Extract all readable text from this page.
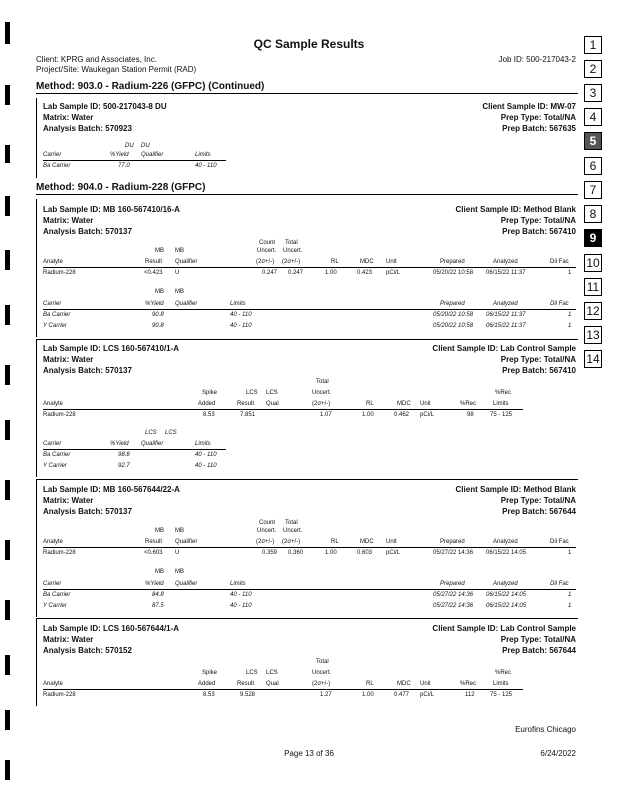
1
2
3
4
5
6
7
8
9
10
11
12
13
14
QC Sample Results
Client: KPRG and Associates, Inc.	Job ID: 500-217043-2
Project/Site: Waukegan Station Permit (RAD)
Method: 903.0 - Radium-226 (GFPC) (Continued)
Lab Sample ID: 500-217043-8 DU
Matrix: Water
Analysis Batch: 570923
Client Sample ID: MW-07
Prep Type: Total/NA
Prep Batch: 567635
DU DU
Carrier	%Yield Qualifier	Limits
Ba Carrier	77.0	40 - 110
Method: 904.0 - Radium-228 (GFPC)
Lab Sample ID: MB 160-567410/16-A
Matrix: Water
Analysis Batch: 570137
Client Sample ID: Method Blank
Prep Type: Total/NA
Prep Batch: 567410
Count Total
MB MB	Uncert. Uncert.
Analyte	Result Qualifier	(2σ+/-) (2σ+/-)	RL	MDC Unit	Prepared	Analyzed	Dil Fac
Radium-228	<0.423 U	0.247 0.247	1.00	0.423 pCi/L	05/20/22 10:58 06/15/22 11:37	1
MB MB
Carrier	%Yield Qualifier	Limits	Prepared	Analyzed	Dil Fac
Ba Carrier	90.8	40 - 110	05/20/22 10:58 06/15/22 11:37	1
Y Carrier	90.8	40 - 110	05/20/22 10:58 06/15/22 11:37	1
Lab Sample ID: LCS 160-567410/1-A
Matrix: Water
Analysis Batch: 570137
Client Sample ID: Lab Control Sample
Prep Type: Total/NA
Prep Batch: 567410
Total
Spike	LCS LCS	Uncert.	%Rec
Analyte	Added	Result Qual	(2σ+/-)	RL	MDC Unit	%Rec	Limits
Radium-228	8.53	7.851	1.07	1.00	0.462 pCi/L	98	75 - 125
LCS LCS
Carrier	%Yield Qualifier	Limits
Ba Carrier	98.8	40 - 110
Y Carrier	92.7	40 - 110
Lab Sample ID: MB 160-567644/22-A
Matrix: Water
Analysis Batch: 570137
Client Sample ID: Method Blank
Prep Type: Total/NA
Prep Batch: 567644
Count Total
MB MB	Uncert. Uncert.
Analyte	Result Qualifier	(2σ+/-) (2σ+/-)	RL	MDC Unit	Prepared	Analyzed	Dil Fac
Radium-228	<0.603 U	0.359 0.360	1.00	0.603 pCi/L	05/27/22 14:36 06/15/22 14:05	1
MB MB
Carrier	%Yield Qualifier	Limits	Prepared	Analyzed	Dil Fac
Ba Carrier	84.8	40 - 110	05/27/22 14:36 06/15/22 14:05	1
Y Carrier	87.5	40 - 110	05/27/22 14:36 06/15/22 14:05	1
Lab Sample ID: LCS 160-567644/1-A
Matrix: Water
Analysis Batch: 570152
Client Sample ID: Lab Control Sample
Prep Type: Total/NA
Prep Batch: 567644
Total
Spike	LCS LCS	Uncert.	%Rec
Analyte	Added	Result Qual	(2σ+/-)	RL	MDC Unit	%Rec	Limits
Radium-228	8.53	9.528	1.27	1.00	0.477 pCi/L	112	75 - 125
Eurofins Chicago
Page 13 of 36	6/24/2022
